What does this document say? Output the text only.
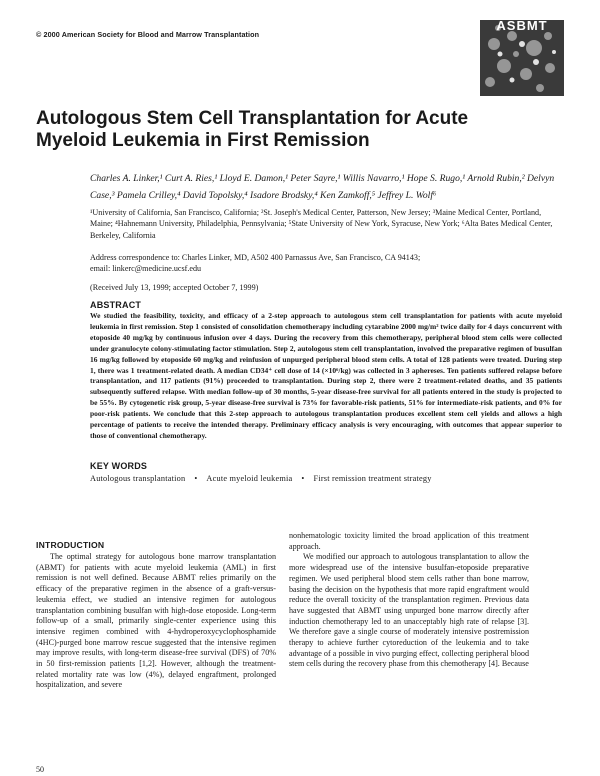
© 2000 American Society for Blood and Marrow Transplantation
ASBMT
Autologous Stem Cell Transplantation for Acute Myeloid Leukemia in First Remission
Charles A. Linker,¹ Curt A. Ries,¹ Lloyd E. Damon,¹ Peter Sayre,¹ Willis Navarro,¹ Hope S. Rugo,¹ Arnold Rubin,² Delvyn Case,³ Pamela Crilley,⁴ David Topolsky,⁴ Isadore Brodsky,⁴ Ken Zamkoff,⁵ Jeffrey L. Wolf⁶
¹University of California, San Francisco, California; ²St. Joseph's Medical Center, Patterson, New Jersey; ³Maine Medical Center, Portland, Maine; ⁴Hahnemann University, Philadelphia, Pennsylvania; ⁵State University of New York, Syracuse, New York; ⁶Alta Bates Medical Center, Berkeley, California
Address correspondence to: Charles Linker, MD, A502 400 Parnassus Ave, San Francisco, CA 94143;
email: linkerc@medicine.ucsf.edu
(Received July 13, 1999; accepted October 7, 1999)
ABSTRACT

We studied the feasibility, toxicity, and efficacy of a 2-step approach to autologous stem cell transplantation for patients with acute myeloid leukemia in first remission. Step 1 consisted of consolidation chemotherapy including cytarabine 2000 mg/m² twice daily for 4 days concurrent with etoposide 40 mg/kg by continuous infusion over 4 days. During the recovery from this chemotherapy, peripheral blood stem cells were collected under granulocyte colony-stimulating factor stimulation. Step 2, autologous stem cell transplantation, involved the preparative regimen of busulfan 16 mg/kg followed by etoposide 60 mg/kg and reinfusion of unpurged peripheral blood stem cells. A total of 128 patients were treated. During step 1, there was 1 treatment-related death. A median CD34⁺ cell dose of 14 (×10⁶/kg) was collected in 3 aphereses. Ten patients suffered relapse before transplantation, and 117 patients (91%) proceeded to transplantation. During step 2, there were 2 treatment-related deaths, and 35 patients subsequently suffered relapse. With median follow-up of 30 months, 5-year disease-free survival for all patients entered in the study is projected to be 55%. By cytogenetic risk group, 5-year disease-free survival is 73% for favorable-risk patients, 51% for intermediate-risk patients, and 0% for poor-risk patients. We conclude that this 2-step approach to autologous transplantation produces excellent stem cell yields and allows a high percentage of patients to receive the intended therapy. Preliminary efficacy analysis is very encouraging, with outcomes that appear superior to those of conventional chemotherapy.

KEY WORDS
Autologous transplantation • Acute myeloid leukemia • First remission treatment strategy
INTRODUCTION

The optimal strategy for autologous bone marrow transplantation (ABMT) for patients with acute myeloid leukemia (AML) in first remission is not well defined. Because ABMT relies primarily on the efficacy of the preparative regimen in the absence of a graft-versus-leukemia effect, we studied an intensive regimen for autologous transplantation combining busulfan with high-dose etoposide. Long-term follow-up of a small, primarily single-center experience using this intensive regimen combined with 4-hydroperoxycyclophosphamide (4HC)-purged bone marrow rescue suggested that the intensive regimen may improve results, with long-term disease-free survival (DFS) of 70% in 50 first-remission patients [1,2]. However, although the treatment-related mortality rate was low (4%), delayed engraftment, prolonged hospitalization, and severe

nonhematologic toxicity limited the broad application of this treatment approach.

We modified our approach to autologous transplantation to allow the more widespread use of the intensive busulfan-etoposide preparative regimen. We used peripheral blood stem cells rather than bone marrow, basing the decision on the hypothesis that more rapid engraftment would reduce the overall toxicity of the transplantation regimen. Previous data have suggested that ABMT using unpurged bone marrow directly after induction chemotherapy led to an unacceptably high rate of relapse [3]. We therefore gave a single course of moderately intensive postremission therapy to achieve further cytoreduction of the leukemia and to take advantage of a possible in vivo purging effect, collecting peripheral blood stem cells during the recovery phase from this chemotherapy [4]. Because

50
